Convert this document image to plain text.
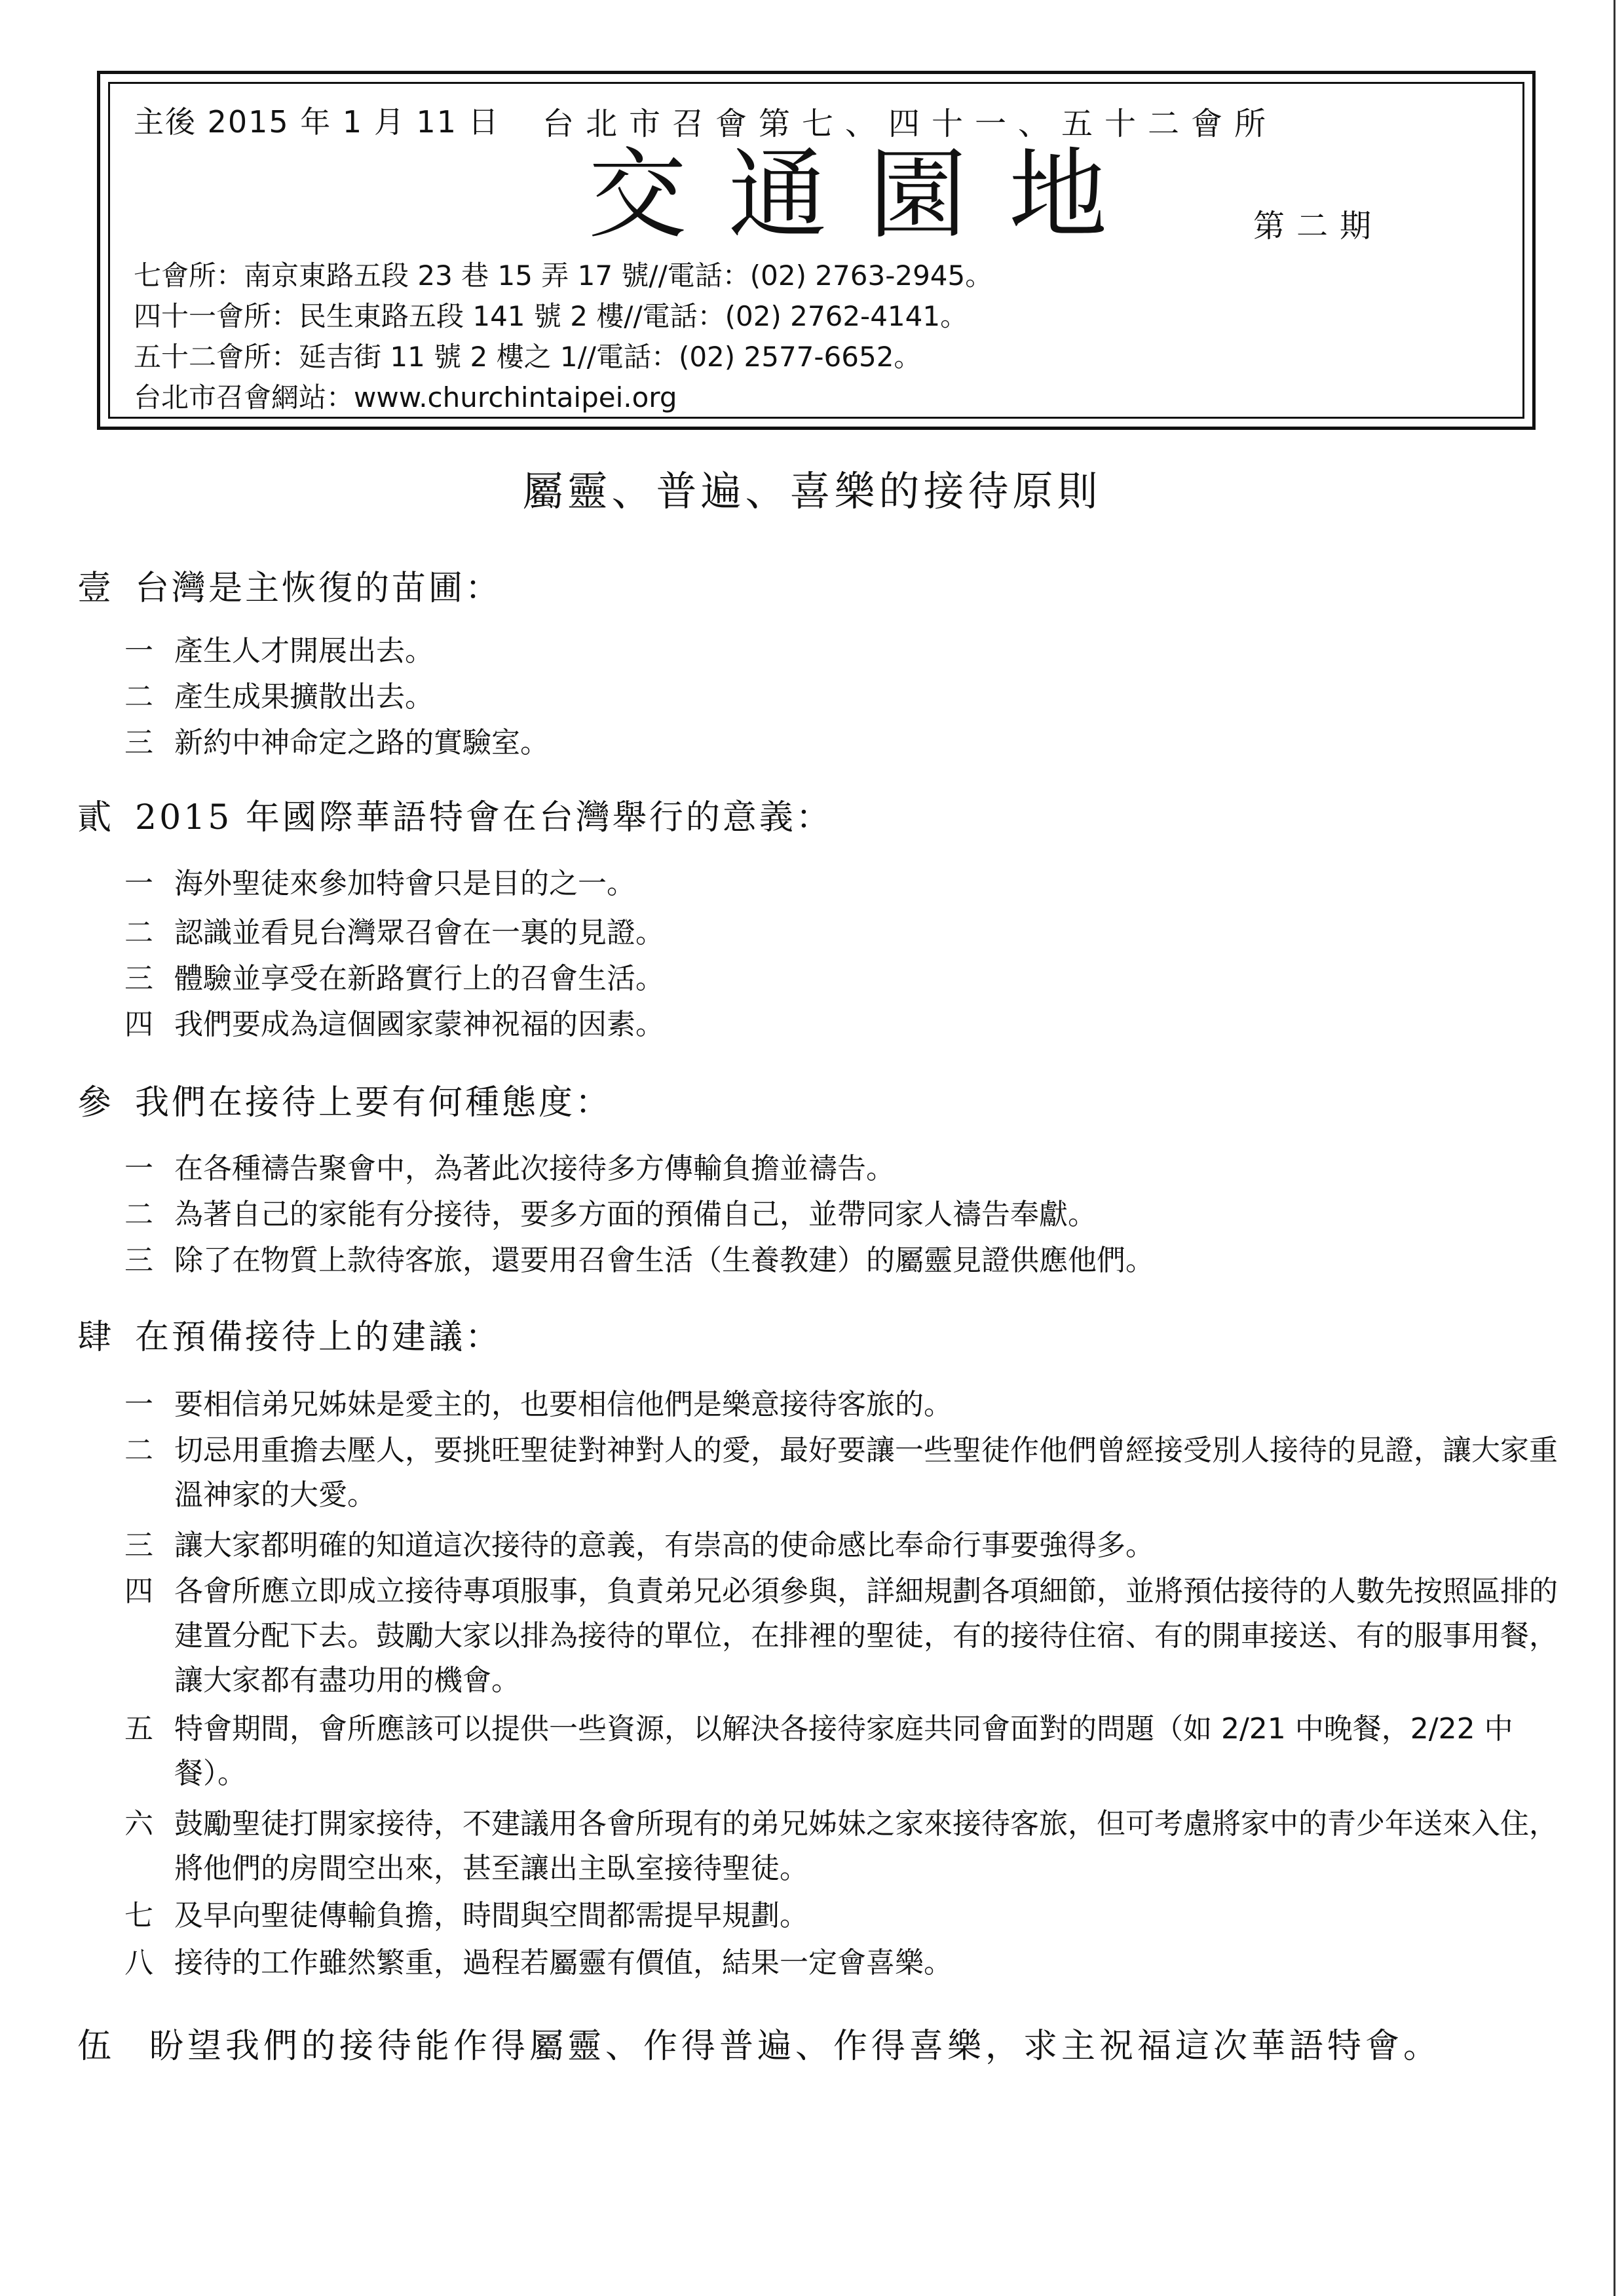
主後 2015 年 1 月 11 日 台北市召會第七、四十一、五十二會所
交通園地	第二期
七會所：南京東路五段 23 巷 15 弄 17 號//電話：(02) 2763-2945。
四十一會所：民生東路五段 141 號 2 樓//電話：(02) 2762-4141。
五十二會所：延吉街 11 號 2 樓之 1//電話：(02) 2577-6652。
台北市召會網站：www.churchintaipei.org
屬靈、普遍、喜樂的接待原則
壹 台灣是主恢復的苗圃：
一 產生人才開展出去。
二 產生成果擴散出去。
三 新約中神命定之路的實驗室。
貳 2015 年國際華語特會在台灣舉行的意義：
一 海外聖徒來參加特會只是目的之一。
二 認識並看見台灣眾召會在一裏的見證。
三 體驗並享受在新路實行上的召會生活。
四 我們要成為這個國家蒙神祝福的因素。
參 我們在接待上要有何種態度：
一 在各種禱告聚會中，為著此次接待多方傳輸負擔並禱告。
二 為著自己的家能有分接待，要多方面的預備自己，並帶同家人禱告奉獻。
三 除了在物質上款待客旅，還要用召會生活（生養教建）的屬靈見證供應他們。
肆 在預備接待上的建議：
一 要相信弟兄姊妹是愛主的，也要相信他們是樂意接待客旅的。
二 切忌用重擔去壓人，要挑旺聖徒對神對人的愛，最好要讓一些聖徒作他們曾經接受別人接待的見證，讓大家重溫神家的大愛。
三 讓大家都明確的知道這次接待的意義，有崇高的使命感比奉命行事要強得多。
四 各會所應立即成立接待專項服事，負責弟兄必須參與，詳細規劃各項細節，並將預估接待的人數先按照區排的建置分配下去。鼓勵大家以排為接待的單位，在排裡的聖徒，有的接待住宿、有的開車接送、有的服事用餐，讓大家都有盡功用的機會。
五 特會期間，會所應該可以提供一些資源，以解決各接待家庭共同會面對的問題（如 2/21 中晚餐，2/22 中餐）。
六 鼓勵聖徒打開家接待，不建議用各會所現有的弟兄姊妹之家來接待客旅，但可考慮將家中的青少年送來入住，將他們的房間空出來，甚至讓出主臥室接待聖徒。
七 及早向聖徒傳輸負擔，時間與空間都需提早規劃。
八 接待的工作雖然繁重，過程若屬靈有價值，結果一定會喜樂。
伍 盼望我們的接待能作得屬靈、作得普遍、作得喜樂，求主祝福這次華語特會。
